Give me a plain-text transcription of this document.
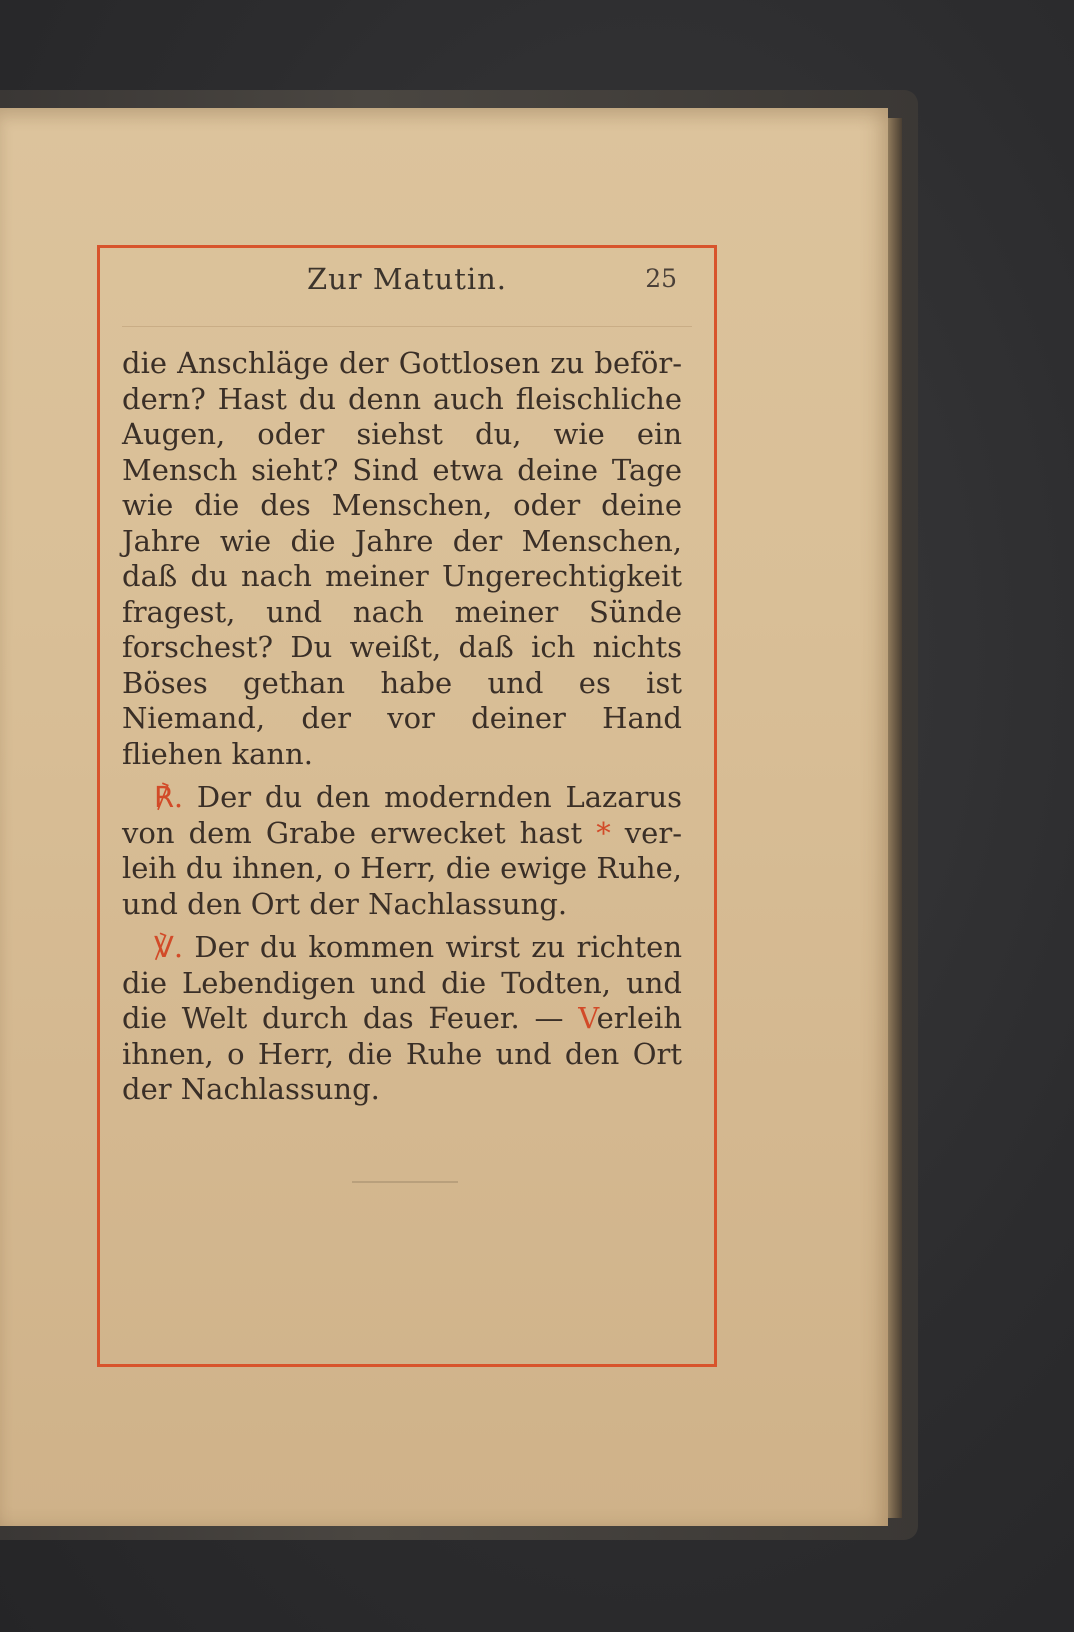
Zur Matutin.	25

die Anschläge der Gottlosen zu beför-dern? Hast du denn auch fleischliche Augen, oder siehst du, wie ein Mensch sieht? Sind etwa deine Tage wie die des Menschen, oder deine Jahre wie die Jahre der Menschen, daß du nach meiner Ungerechtigkeit fragest, und nach meiner Sünde forschest? Du weißt, daß ich nichts Böses gethan habe und es ist Niemand, der vor deiner Hand fliehen kann.

℟. Der du den modernden Lazarus von dem Grabe erwecket hast * ver-leih du ihnen, o Herr, die ewige Ruhe, und den Ort der Nachlassung.

℣. Der du kommen wirst zu richten die Lebendigen und die Todten, und die Welt durch das Feuer. — Verleih ihnen, o Herr, die Ruhe und den Ort der Nachlassung.
